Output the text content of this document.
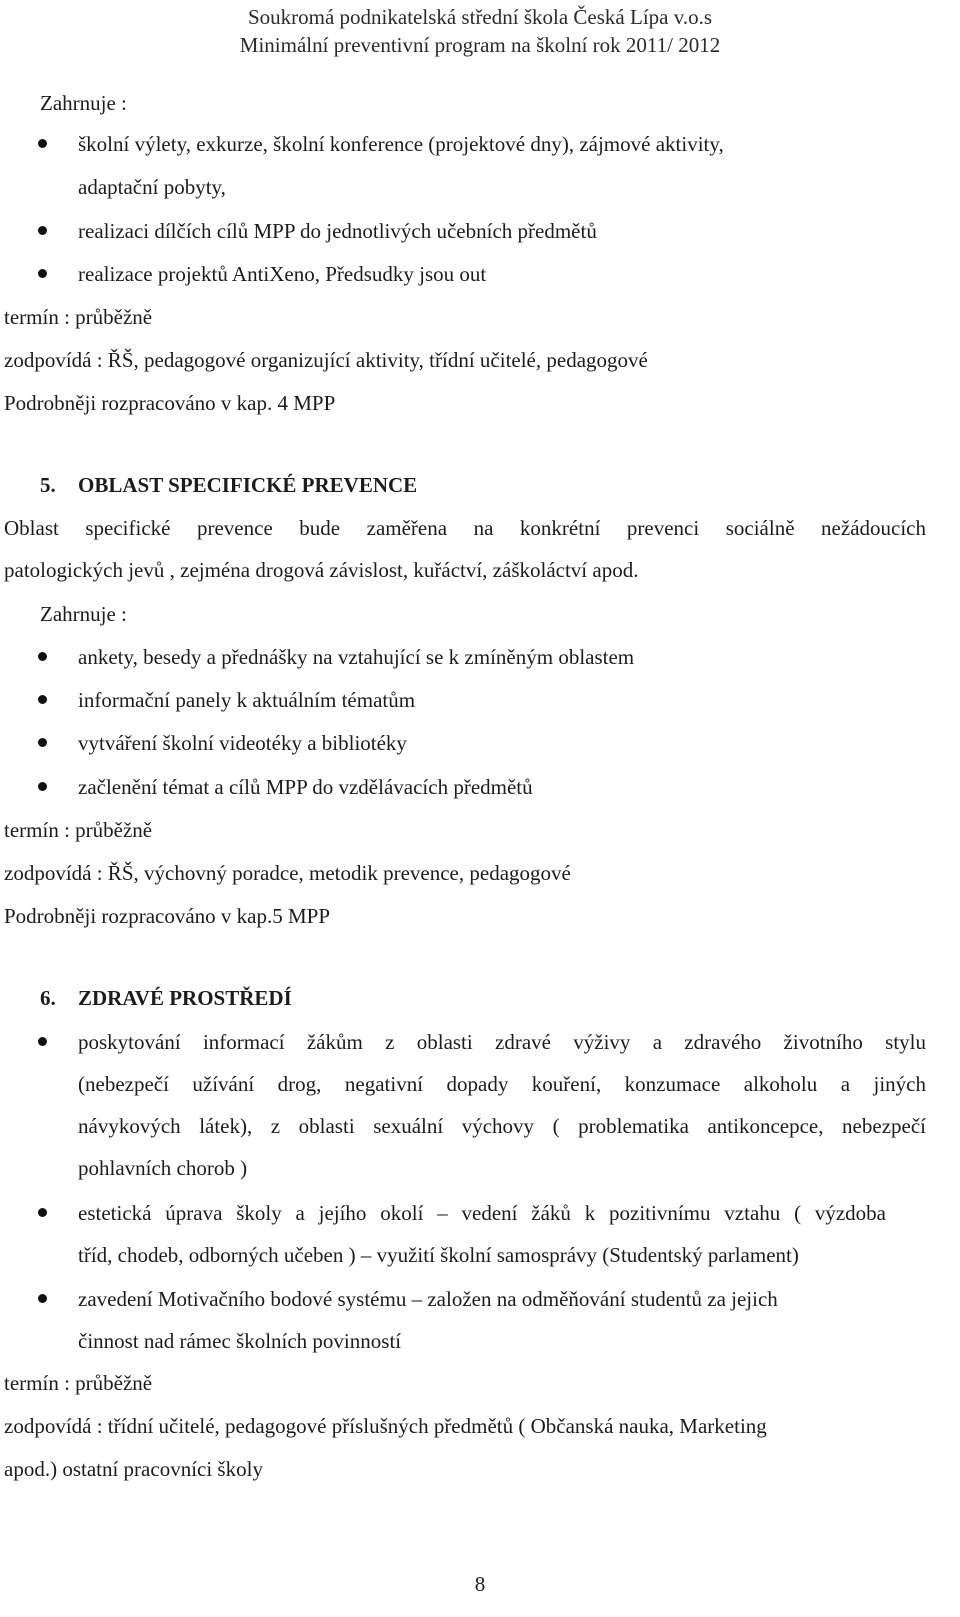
Soukromá podnikatelská střední škola Česká Lípa v.o.s
Minimální preventivní program na školní rok 2011/ 2012
Zahrnuje :
školní výlety, exkurze, školní konference (projektové dny), zájmové aktivity,
adaptační pobyty,
realizaci dílčích cílů MPP do jednotlivých učebních předmětů
realizace projektů AntiXeno, Předsudky jsou out
termín : průběžně
zodpovídá : ŘŠ, pedagogové organizující aktivity, třídní učitelé, pedagogové
Podrobněji rozpracováno v kap. 4 MPP
5. OBLAST SPECIFICKÉ PREVENCE
Oblast specifické prevence bude zaměřena na konkrétní prevenci sociálně nežádoucích
patologických jevů , zejména drogová závislost, kuřáctví, záškoláctví apod.
Zahrnuje :
ankety, besedy a přednášky na vztahující se k zmíněným oblastem
informační panely k aktuálním tématům
vytváření školní videotéky a bibliotéky
začlenění témat a cílů MPP do vzdělávacích předmětů
termín : průběžně
zodpovídá : ŘŠ, výchovný poradce, metodik prevence, pedagogové
Podrobněji rozpracováno v kap.5 MPP
6. ZDRAVÉ PROSTŘEDÍ
poskytování informací žákům z oblasti zdravé výživy a zdravého životního stylu
(nebezpečí užívání drog, negativní dopady kouření, konzumace alkoholu a jiných
návykových látek), z oblasti sexuální výchovy ( problematika antikoncepce, nebezpečí
pohlavních chorob )
estetická úprava školy a jejího okolí – vedení žáků k pozitivnímu vztahu ( výzdoba
tříd, chodeb, odborných učeben ) – využití školní samosprávy (Studentský parlament)
zavedení Motivačního bodové systému – založen na odměňování studentů za jejich
činnost nad rámec školních povinností
termín : průběžně
zodpovídá : třídní učitelé, pedagogové příslušných předmětů ( Občanská nauka, Marketing
apod.) ostatní pracovníci školy
8
